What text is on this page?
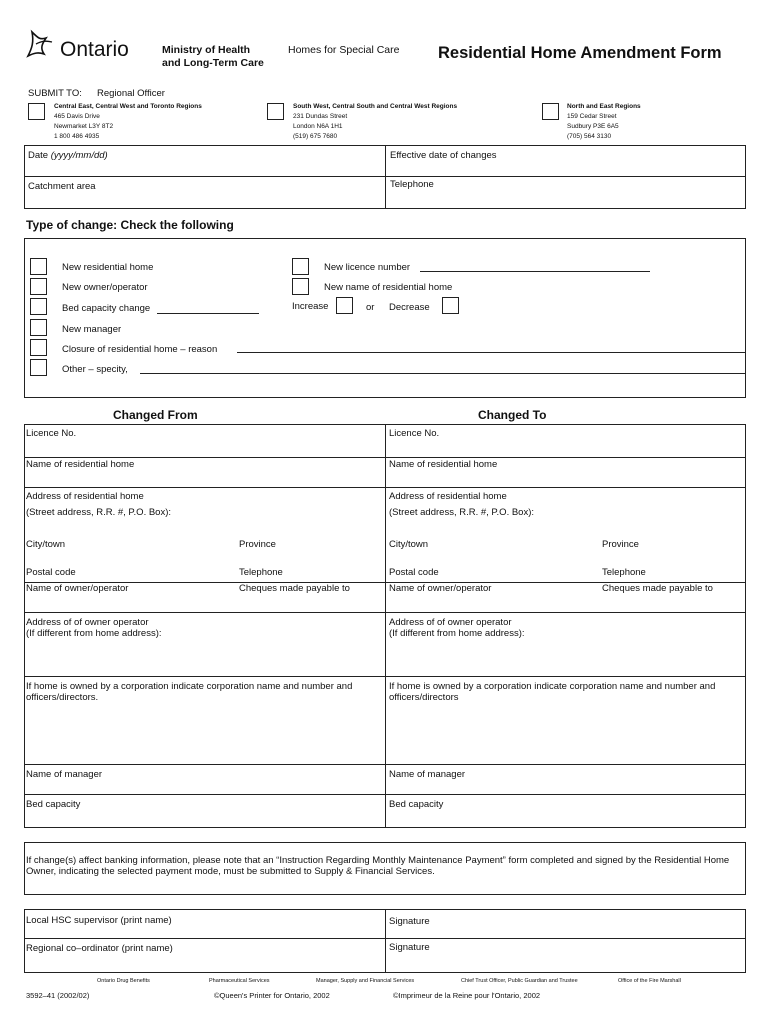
Ontario	Ministry of Health
and Long-Term Care
Homes for Special Care Residential Home Amendment Form
SUBMIT TO: Regional Officer
Central East, Central West and Toronto Regions
465 Davis Drive
Newmarket L3Y 8T2
1 800 486 4935
South West, Central South and Central West Regions
231 Dundas Street
London N6A 1H1
(519) 675 7680
North and East Regions
159 Cedar Street
Sudbury P3E 6A5
(705) 564 3130
Date (yyyy/mm/dd)	Effective date of changes
Catchment area	Telephone
Type of change: Check the following
New residential home
New owner/operator
Bed capacity change
New manager
Closure of residential home – reason
Other – specity,
New licence number
New name of residential home
Increase	or Decrease
Changed From	Changed To
Licence No.
Name of residential home
Address of residential home
(Street address, R.R. #, P.O. Box):
City/town	Province
Postal code	Telephone
Name of owner/operator	Cheques made payable to
Address of of owner operator
(If different from home address):
If home is owned by a corporation indicate corporation name and number and officers/directors.
Name of manager
Bed capacity
Licence No.
Name of residential home
Address of residential home
(Street address, R.R. #, P.O. Box):
City/town	Province
Postal code	Telephone
Name of owner/operator	Cheques made payable to
Address of of owner operator
(If different from home address):
If home is owned by a corporation indicate corporation name and number and officers/directors
Name of manager
Bed capacity
If change(s) affect banking information, please note that an “Instruction Regarding Monthly Maintenance Payment” form completed and signed by the Residential Home Owner, indicating the selected payment mode, must be submitted to Supply & Financial Services.
Local HSC supervisor (print name)	Signature
Regional co–ordinator (print name)	Signature
Ontario Drug Benefits	Pharmaceutical Services	Manager, Supply and Financial Services	Chief Trust Officer, Public Guardian and Trustee	Office of the Fire Marshall
3592–41 (2002/02)	©Queen's Printer for Ontario, 2002	©Imprimeur de la Reine pour l'Ontario, 2002
